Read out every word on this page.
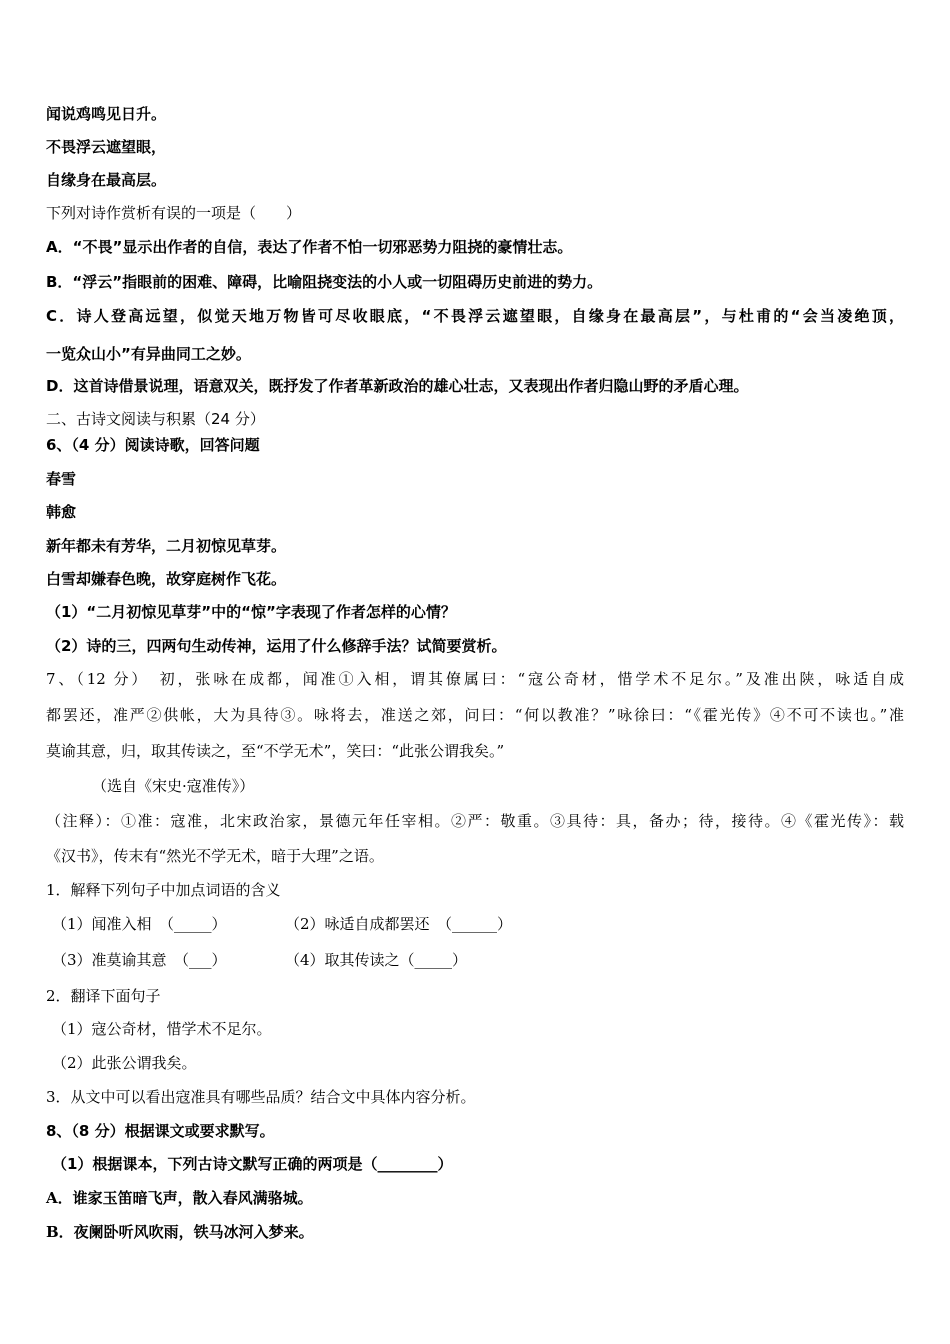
闻说鸡鸣见日升。
不畏浮云遮望眼，
自缘身在最高层。
下列对诗作赏析有误的一项是（　　）
A．“不畏”显示出作者的自信，表达了作者不怕一切邪恶势力阻挠的豪情壮志。
B．“浮云”指眼前的困难、障碍，比喻阻挠变法的小人或一切阻碍历史前进的势力。
C．诗人登高远望，似觉天地万物皆可尽收眼底，“不畏浮云遮望眼，自缘身在最高层”，与杜甫的“会当凌绝顶，
一览众山小”有异曲同工之妙。
D．这首诗借景说理，语意双关，既抒发了作者革新政治的雄心壮志，又表现出作者归隐山野的矛盾心理。
二、古诗文阅读与积累（24 分）
6、（4 分）阅读诗歌，回答问题
春雪
韩愈
新年都未有芳华，二月初惊见草芽。
白雪却嫌春色晚，故穿庭树作飞花。
（1）“二月初惊见草芽”中的“惊”字表现了作者怎样的心情？
（2）诗的三，四两句生动传神，运用了什么修辞手法？试简要赏析。
7、（12 分）　初，张咏在成都，闻准①入相，谓其僚属曰：“寇公奇材，惜学术不足尔。”及准出陕，咏适自成
都罢还，准严②供帐，大为具待③。咏将去，准送之郊，问曰：“何以教准？”咏徐曰：“《霍光传》④不可不读也。”准
莫谕其意，归，取其传读之，至“不学无术”，笑曰：“此张公谓我矣。”
（选自《宋史·寇准传》）
（注释）：①准：寇准，北宋政治家，景德元年任宰相。②严：敬重。③具待：具，备办；待，接待。④《霍光传》：载
《汉书》，传末有“然光不学无术，暗于大理”之语。
1．解释下列句子中加点词语的含义
（1）闻准入相　（_____）	（2）咏适自成都罢还　（______）
（3）准莫谕其意　（___）	（4）取其传读之（_____）
2．翻译下面句子
（1）寇公奇材，惜学术不足尔。
（2）此张公谓我矣。
3．从文中可以看出寇准具有哪些品质？结合文中具体内容分析。
8、（8 分）根据课文或要求默写。
（1）根据课本，下列古诗文默写正确的两项是（________）
A．谁家玉笛暗飞声，散入春风满骆城。
B．夜阑卧听风吹雨，铁马冰河入梦来。
